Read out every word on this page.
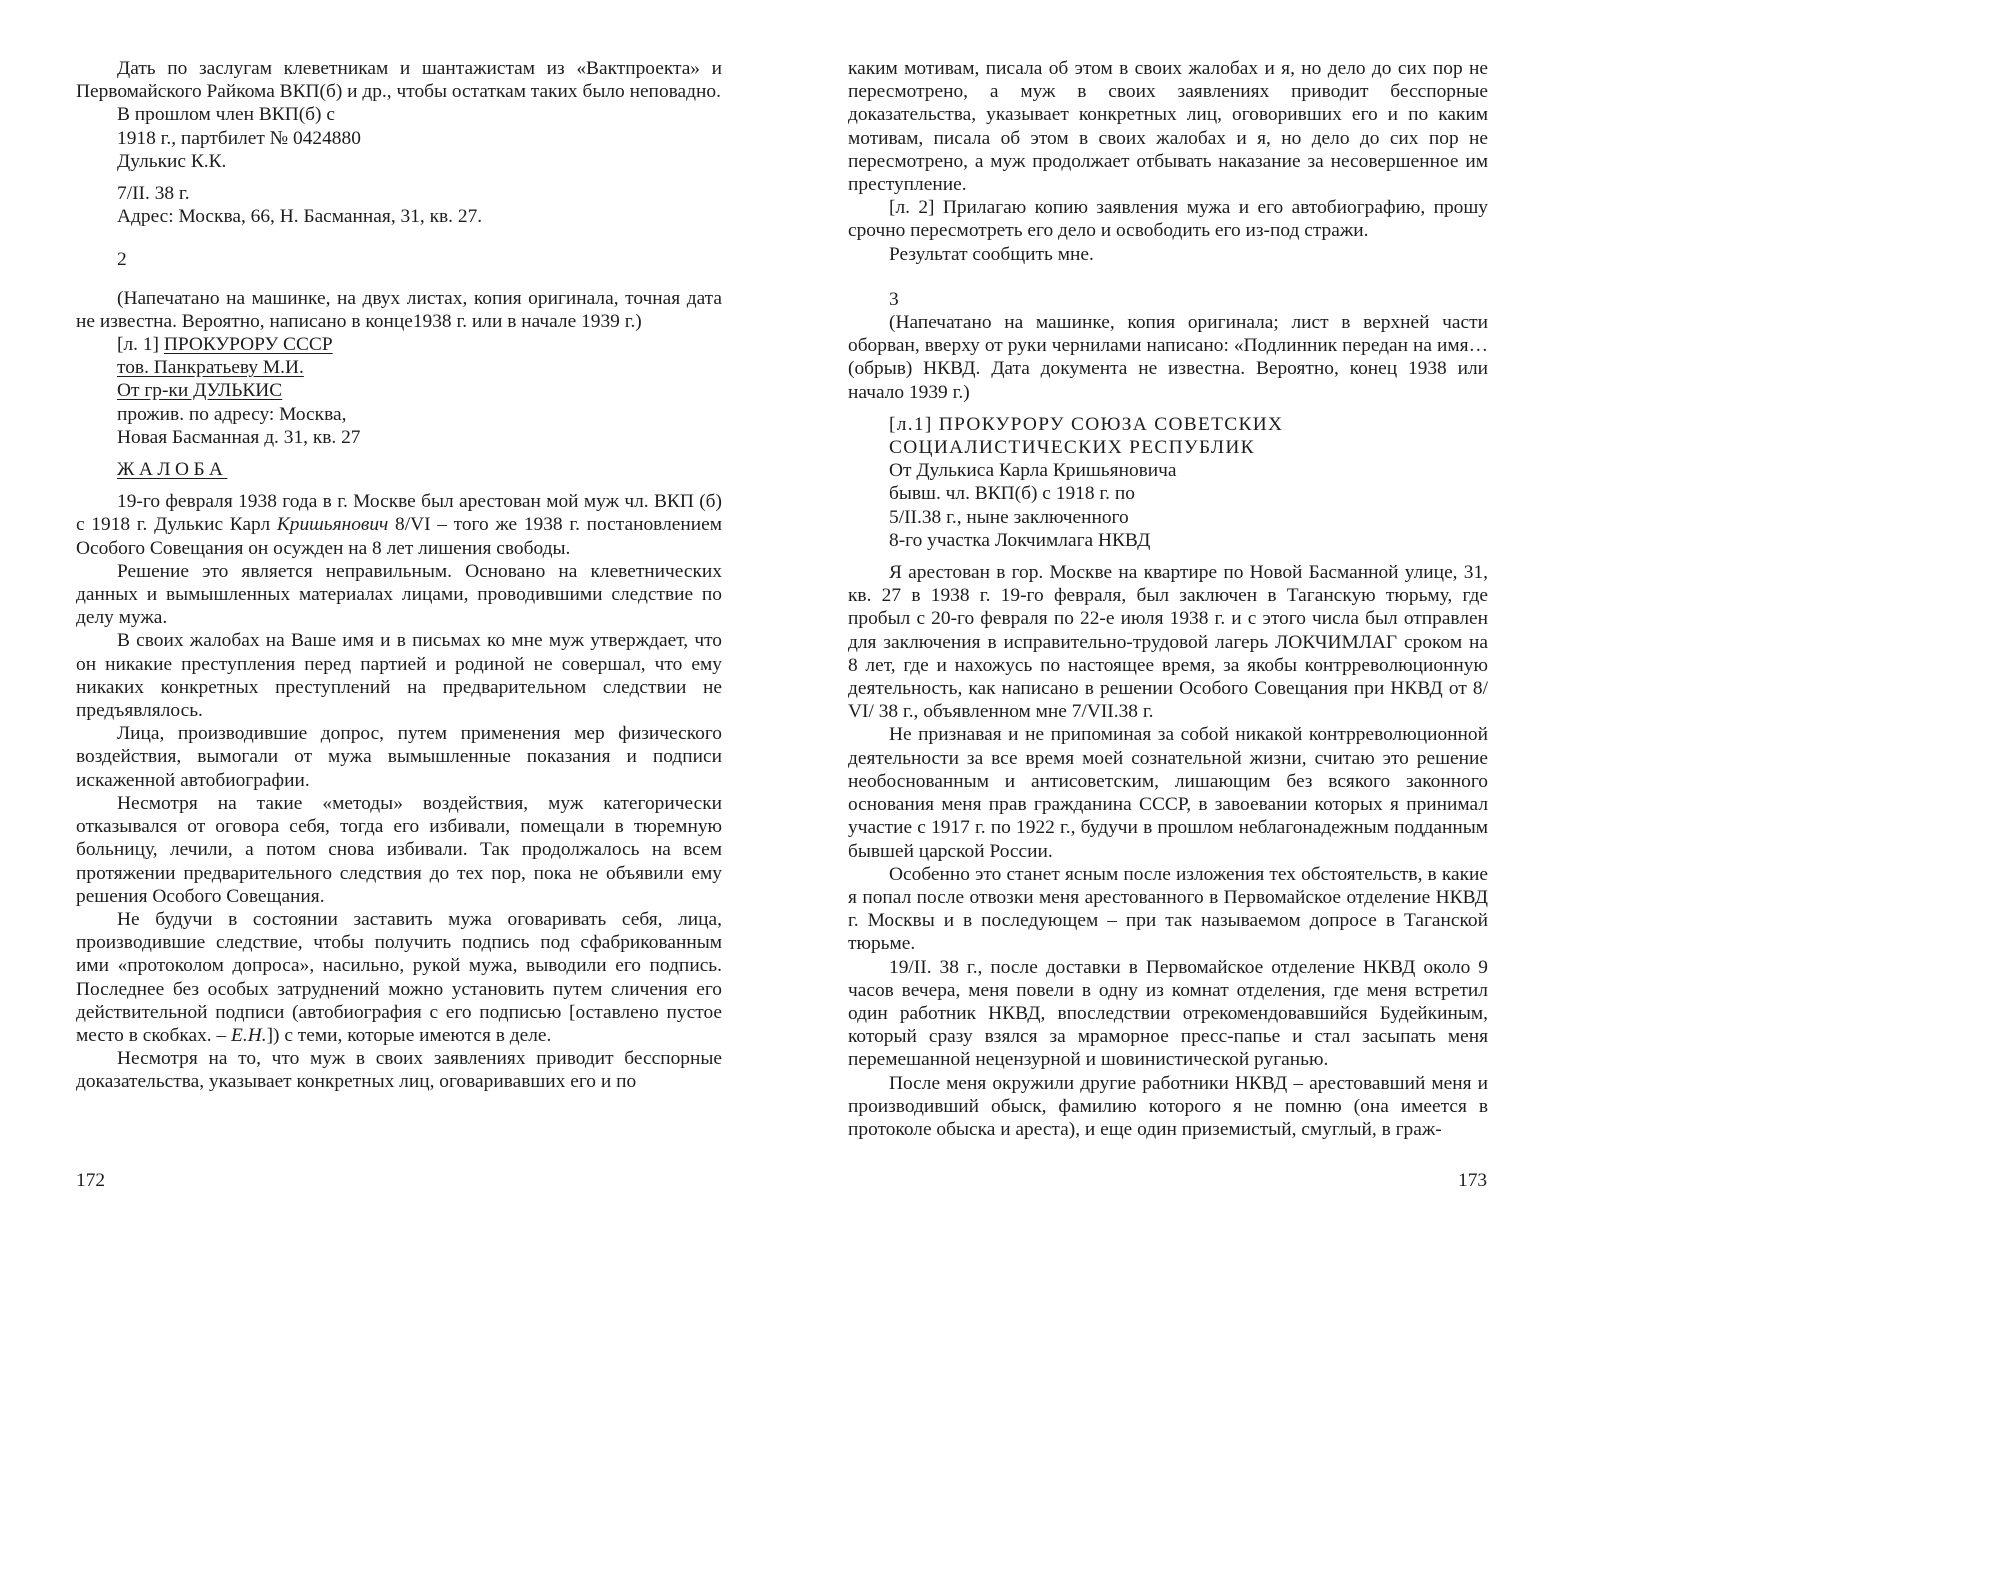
Дать по заслугам клеветникам и шантажистам из «Вактпроекта» и Первомайского Райкома ВКП(б) и др., чтобы остаткам таких было неповадно.

В прошлом член ВКП(б) с
1918 г., партбилет № 0424880
Дулькис К.К.
7/II. 38 г.
Адрес: Москва, 66, Н. Басманная, 31, кв. 27.

2

(Напечатано на машинке, на двух листах, копия оригинала, точная дата не известна. Вероятно, написано в конце1938 г. или в начале 1939 г.)

[л. 1] ПРОКУРОРУ СССР
тов. Панкратьеву М.И.
От гр-ки ДУЛЬКИС
прожив. по адресу: Москва,
Новая Басманная д. 31, кв. 27
ЖАЛОБА

19-го февраля 1938 года в г. Москве был арестован мой муж чл. ВКП (б) с 1918 г. Дулькис Карл Кришьянович 8/VI – того же 1938 г. постановлением Особого Совещания он осужден на 8 лет лишения свободы.

Решение это является неправильным. Основано на клеветнических данных и вымышленных материалах лицами, проводившими следствие по делу мужа.

В своих жалобах на Ваше имя и в письмах ко мне муж утверждает, что он никакие преступления перед партией и родиной не совершал, что ему никаких конкретных преступлений на предварительном следствии не предъявлялось.

Лица, производившие допрос, путем применения мер физического воздействия, вымогали от мужа вымышленные показания и подписи искаженной автобиографии.

Несмотря на такие «методы» воздействия, муж категорически отказывался от оговора себя, тогда его избивали, помещали в тюремную больницу, лечили, а потом снова избивали. Так продолжалось на всем протяжении предварительного следствия до тех пор, пока не объявили ему решения Особого Совещания.

Не будучи в состоянии заставить мужа оговаривать себя, лица, производившие следствие, чтобы получить подпись под сфабрикованным ими «протоколом допроса», насильно, рукой мужа, выводили его подпись. Последнее без особых затруднений можно установить путем сличения его действительной подписи (автобиография с его подписью [оставлено пустое место в скобках. – Е.Н.]) с теми, которые имеются в деле.

Несмотря на то, что муж в своих заявлениях приводит бесспорные доказательства, указывает конкретных лиц, оговаривавших его и по

172

каким мотивам, писала об этом в своих жалобах и я, но дело до сих пор не пересмотрено, а муж в своих заявлениях приводит бесспорные доказательства, указывает конкретных лиц, оговоривших его и по каким мотивам, писала об этом в своих жалобах и я, но дело до сих пор не пересмотрено, а муж продолжает отбывать наказание за несовершенное им преступление.

[л. 2] Прилагаю копию заявления мужа и его автобиографию, прошу срочно пересмотреть его дело и освободить его из-под стражи.

Результат сообщить мне.

3

(Напечатано на машинке, копия оригинала; лист в верхней части оборван, вверху от руки чернилами написано: «Подлинник передан на имя…(обрыв) НКВД. Дата документа не известна. Вероятно, конец 1938 или начало 1939 г.)

[л.1] ПРОКУРОРУ СОЮЗА СОВЕТСКИХ
СОЦИАЛИСТИЧЕСКИХ РЕСПУБЛИК
От Дулькиса Карла Кришьяновича
бывш. чл. ВКП(б) с 1918 г. по
5/II.38 г., ныне заключенного
8-го участка Локчимлага НКВД

Я арестован в гор. Москве на квартире по Новой Басманной улице, 31, кв. 27 в 1938 г. 19-го февраля, был заключен в Таганскую тюрьму, где пробыл с 20-го февраля по 22-е июля 1938 г. и с этого числа был отправлен для заключения в исправительно-трудовой лагерь ЛОКЧИМЛАГ сроком на 8 лет, где и нахожусь по настоящее время, за якобы контрреволюционную деятельность, как написано в решении Особого Совещания при НКВД от 8/ VI/ 38 г., объявленном мне 7/VII.38 г.

Не признавая и не припоминая за собой никакой контрреволюционной деятельности за все время моей сознательной жизни, считаю это решение необоснованным и антисоветским, лишающим без всякого законного основания меня прав гражданина СССР, в завоевании которых я принимал участие с 1917 г. по 1922 г., будучи в прошлом неблагонадежным подданным бывшей царской России.

Особенно это станет ясным после изложения тех обстоятельств, в какие я попал после отвозки меня арестованного в Первомайское отделение НКВД г. Москвы и в последующем – при так называемом допросе в Таганской тюрьме.

19/II. 38 г., после доставки в Первомайское отделение НКВД около 9 часов вечера, меня повели в одну из комнат отделения, где меня встретил один работник НКВД, впоследствии отрекомендовавшийся Будейкиным, который сразу взялся за мраморное пресс-папье и стал засыпать меня перемешанной нецензурной и шовинистической руганью.

После меня окружили другие работники НКВД – арестовавший меня и производивший обыск, фамилию которого я не помню (она имеется в протоколе обыска и ареста), и еще один приземистый, смуглый, в граж-

173
